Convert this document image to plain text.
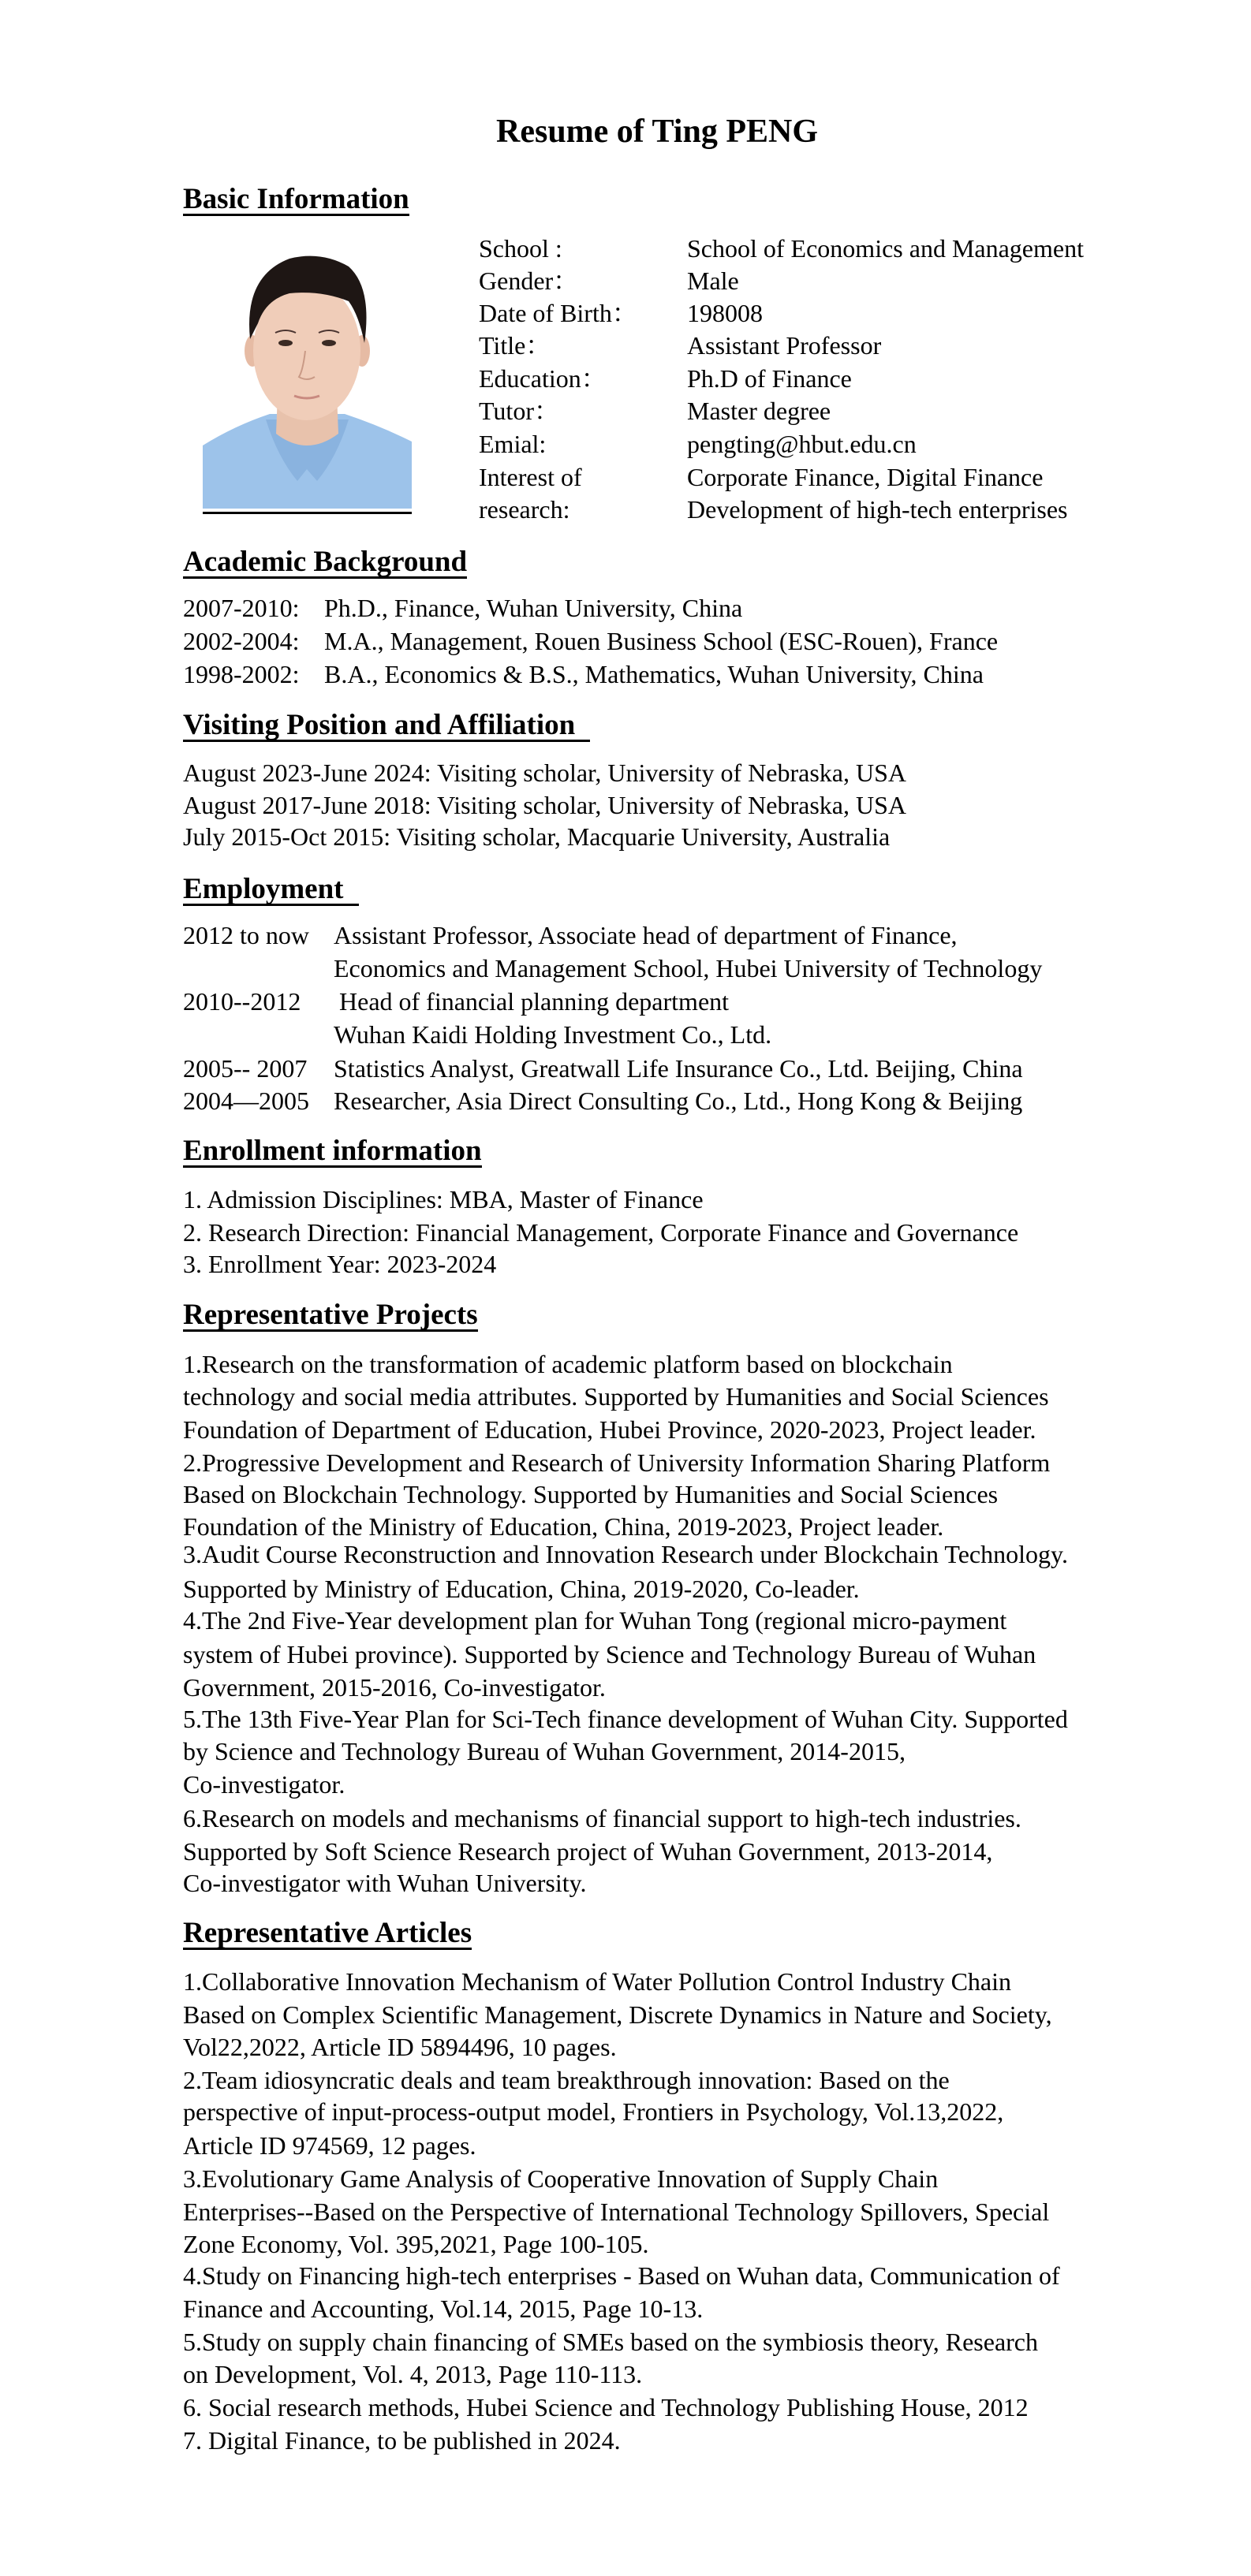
Resume of Ting PENG
Basic Information
School :	School of Economics and Management
Gender：	Male
Date of Birth： 198008
Title：	Assistant Professor
Education：	Ph.D of Finance
Tutor：	Master degree
Emial:	pengting@hbut.edu.cn
Interest of	Corporate Finance, Digital Finance
research:	Development of high-tech enterprises
Academic Background
2007-2010: Ph.D., Finance, Wuhan University, China
2002-2004: M.A., Management, Rouen Business School (ESC-Rouen), France
1998-2002: B.A., Economics & B.S., Mathematics, Wuhan University, China
Visiting Position and Affiliation
August 2023-June 2024: Visiting scholar, University of Nebraska, USA
August 2017-June 2018: Visiting scholar, University of Nebraska, USA
July 2015-Oct 2015: Visiting scholar, Macquarie University, Australia
Employment
2012 to now Assistant Professor, Associate head of department of Finance,
Economics and Management School, Hubei University of Technology
2010--2012 Head of financial planning department
Wuhan Kaidi Holding Investment Co., Ltd.
2005-- 2007 Statistics Analyst, Greatwall Life Insurance Co., Ltd. Beijing, China
2004—2005 Researcher, Asia Direct Consulting Co., Ltd., Hong Kong & Beijing
Enrollment information
1. Admission Disciplines: MBA, Master of Finance
2. Research Direction: Financial Management, Corporate Finance and Governance
3. Enrollment Year: 2023-2024
Representative Projects
1.Research on the transformation of academic platform based on blockchain
technology and social media attributes. Supported by Humanities and Social Sciences
Foundation of Department of Education, Hubei Province, 2020-2023, Project leader.
2.Progressive Development and Research of University Information Sharing Platform
Based on Blockchain Technology. Supported by Humanities and Social Sciences
Foundation of the Ministry of Education, China, 2019-2023, Project leader.
3.Audit Course Reconstruction and Innovation Research under Blockchain Technology.
Supported by Ministry of Education, China, 2019-2020, Co-leader.
4.The 2nd Five-Year development plan for Wuhan Tong (regional micro-payment
system of Hubei province). Supported by Science and Technology Bureau of Wuhan
Government, 2015-2016, Co-investigator.
5.The 13th Five-Year Plan for Sci-Tech finance development of Wuhan City. Supported
by Science and Technology Bureau of Wuhan Government, 2014-2015,
Co-investigator.
6.Research on models and mechanisms of financial support to high-tech industries.
Supported by Soft Science Research project of Wuhan Government, 2013-2014,
Co-investigator with Wuhan University.
Representative Articles
1.Collaborative Innovation Mechanism of Water Pollution Control Industry Chain
Based on Complex Scientific Management, Discrete Dynamics in Nature and Society,
Vol22,2022, Article ID 5894496, 10 pages.
2.Team idiosyncratic deals and team breakthrough innovation: Based on the
perspective of input-process-output model, Frontiers in Psychology, Vol.13,2022,
Article ID 974569, 12 pages.
3.Evolutionary Game Analysis of Cooperative Innovation of Supply Chain
Enterprises--Based on the Perspective of International Technology Spillovers, Special
Zone Economy, Vol. 395,2021, Page 100-105.
4.Study on Financing high-tech enterprises - Based on Wuhan data, Communication of
Finance and Accounting, Vol.14, 2015, Page 10-13.
5.Study on supply chain financing of SMEs based on the symbiosis theory, Research
on Development, Vol. 4, 2013, Page 110-113.
6. Social research methods, Hubei Science and Technology Publishing House, 2012
7. Digital Finance, to be published in 2024.
